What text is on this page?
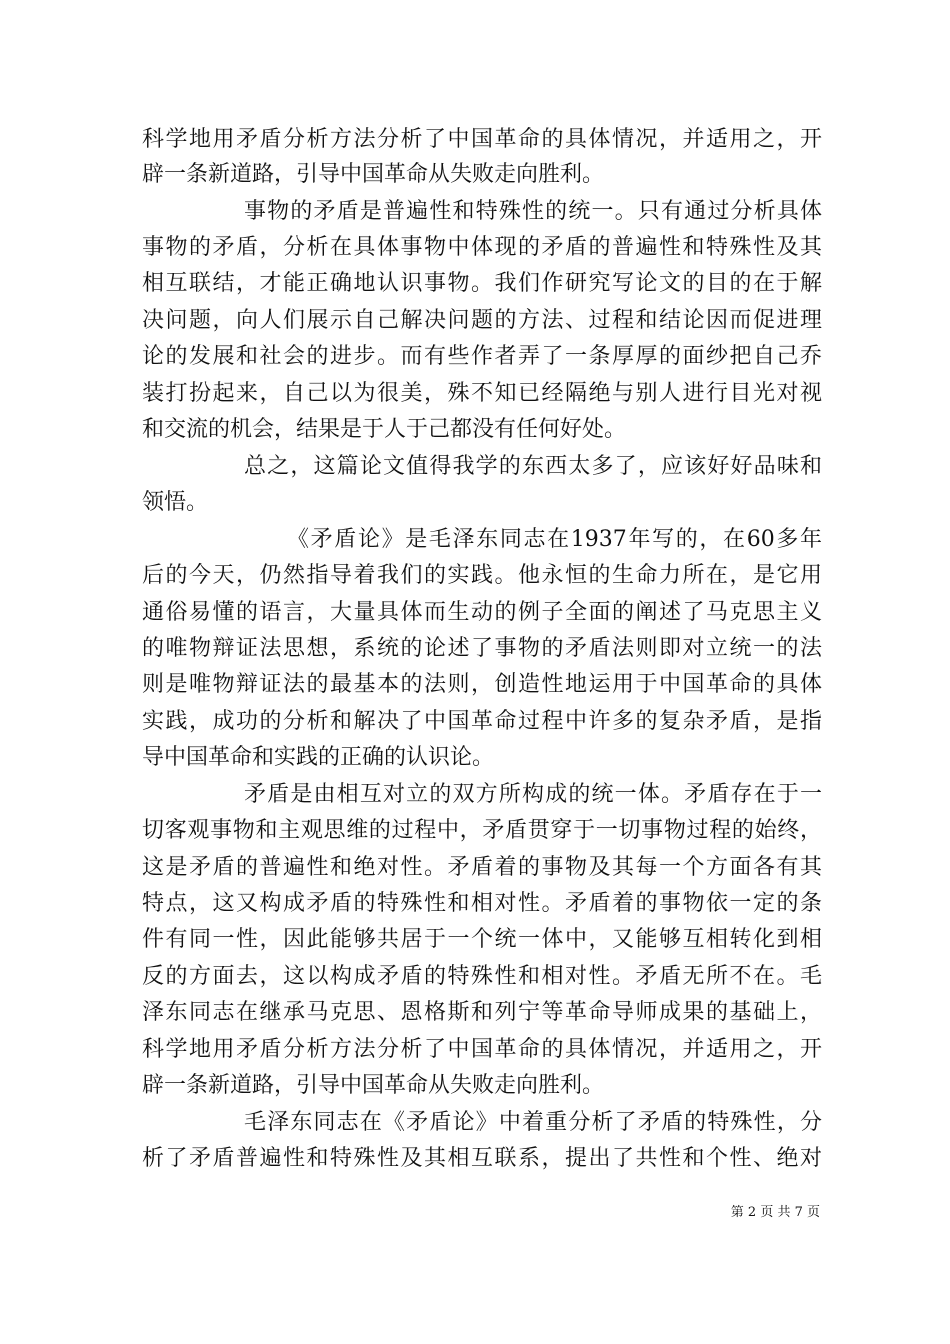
科学地用矛盾分析方法分析了中国革命的具体情况，并适用之，开
辟一条新道路，引导中国革命从失败走向胜利。
事物的矛盾是普遍性和特殊性的统一。只有通过分析具体
事物的矛盾，分析在具体事物中体现的矛盾的普遍性和特殊性及其
相互联结，才能正确地认识事物。我们作研究写论文的目的在于解
决问题，向人们展示自己解决问题的方法、过程和结论因而促进理
论的发展和社会的进步。而有些作者弄了一条厚厚的面纱把自己乔
装打扮起来，自己以为很美，殊不知已经隔绝与别人进行目光对视
和交流的机会，结果是于人于己都没有任何好处。
总之，这篇论文值得我学的东西太多了，应该好好品味和
领悟。
《矛盾论》是毛泽东同志在1937年写的，在60多年
后的今天，仍然指导着我们的实践。他永恒的生命力所在，是它用
通俗易懂的语言，大量具体而生动的例子全面的阐述了马克思主义
的唯物辩证法思想，系统的论述了事物的矛盾法则即对立统一的法
则是唯物辩证法的最基本的法则，创造性地运用于中国革命的具体
实践，成功的分析和解决了中国革命过程中许多的复杂矛盾，是指
导中国革命和实践的正确的认识论。
矛盾是由相互对立的双方所构成的统一体。矛盾存在于一
切客观事物和主观思维的过程中，矛盾贯穿于一切事物过程的始终，
这是矛盾的普遍性和绝对性。矛盾着的事物及其每一个方面各有其
特点，这又构成矛盾的特殊性和相对性。矛盾着的事物依一定的条
件有同一性，因此能够共居于一个统一体中，又能够互相转化到相
反的方面去，这以构成矛盾的特殊性和相对性。矛盾无所不在。毛
泽东同志在继承马克思、恩格斯和列宁等革命导师成果的基础上，
科学地用矛盾分析方法分析了中国革命的具体情况，并适用之，开
辟一条新道路，引导中国革命从失败走向胜利。
毛泽东同志在《矛盾论》中着重分析了矛盾的特殊性，分
析了矛盾普遍性和特殊性及其相互联系，提出了共性和个性、绝对
第 2 页 共 7 页
